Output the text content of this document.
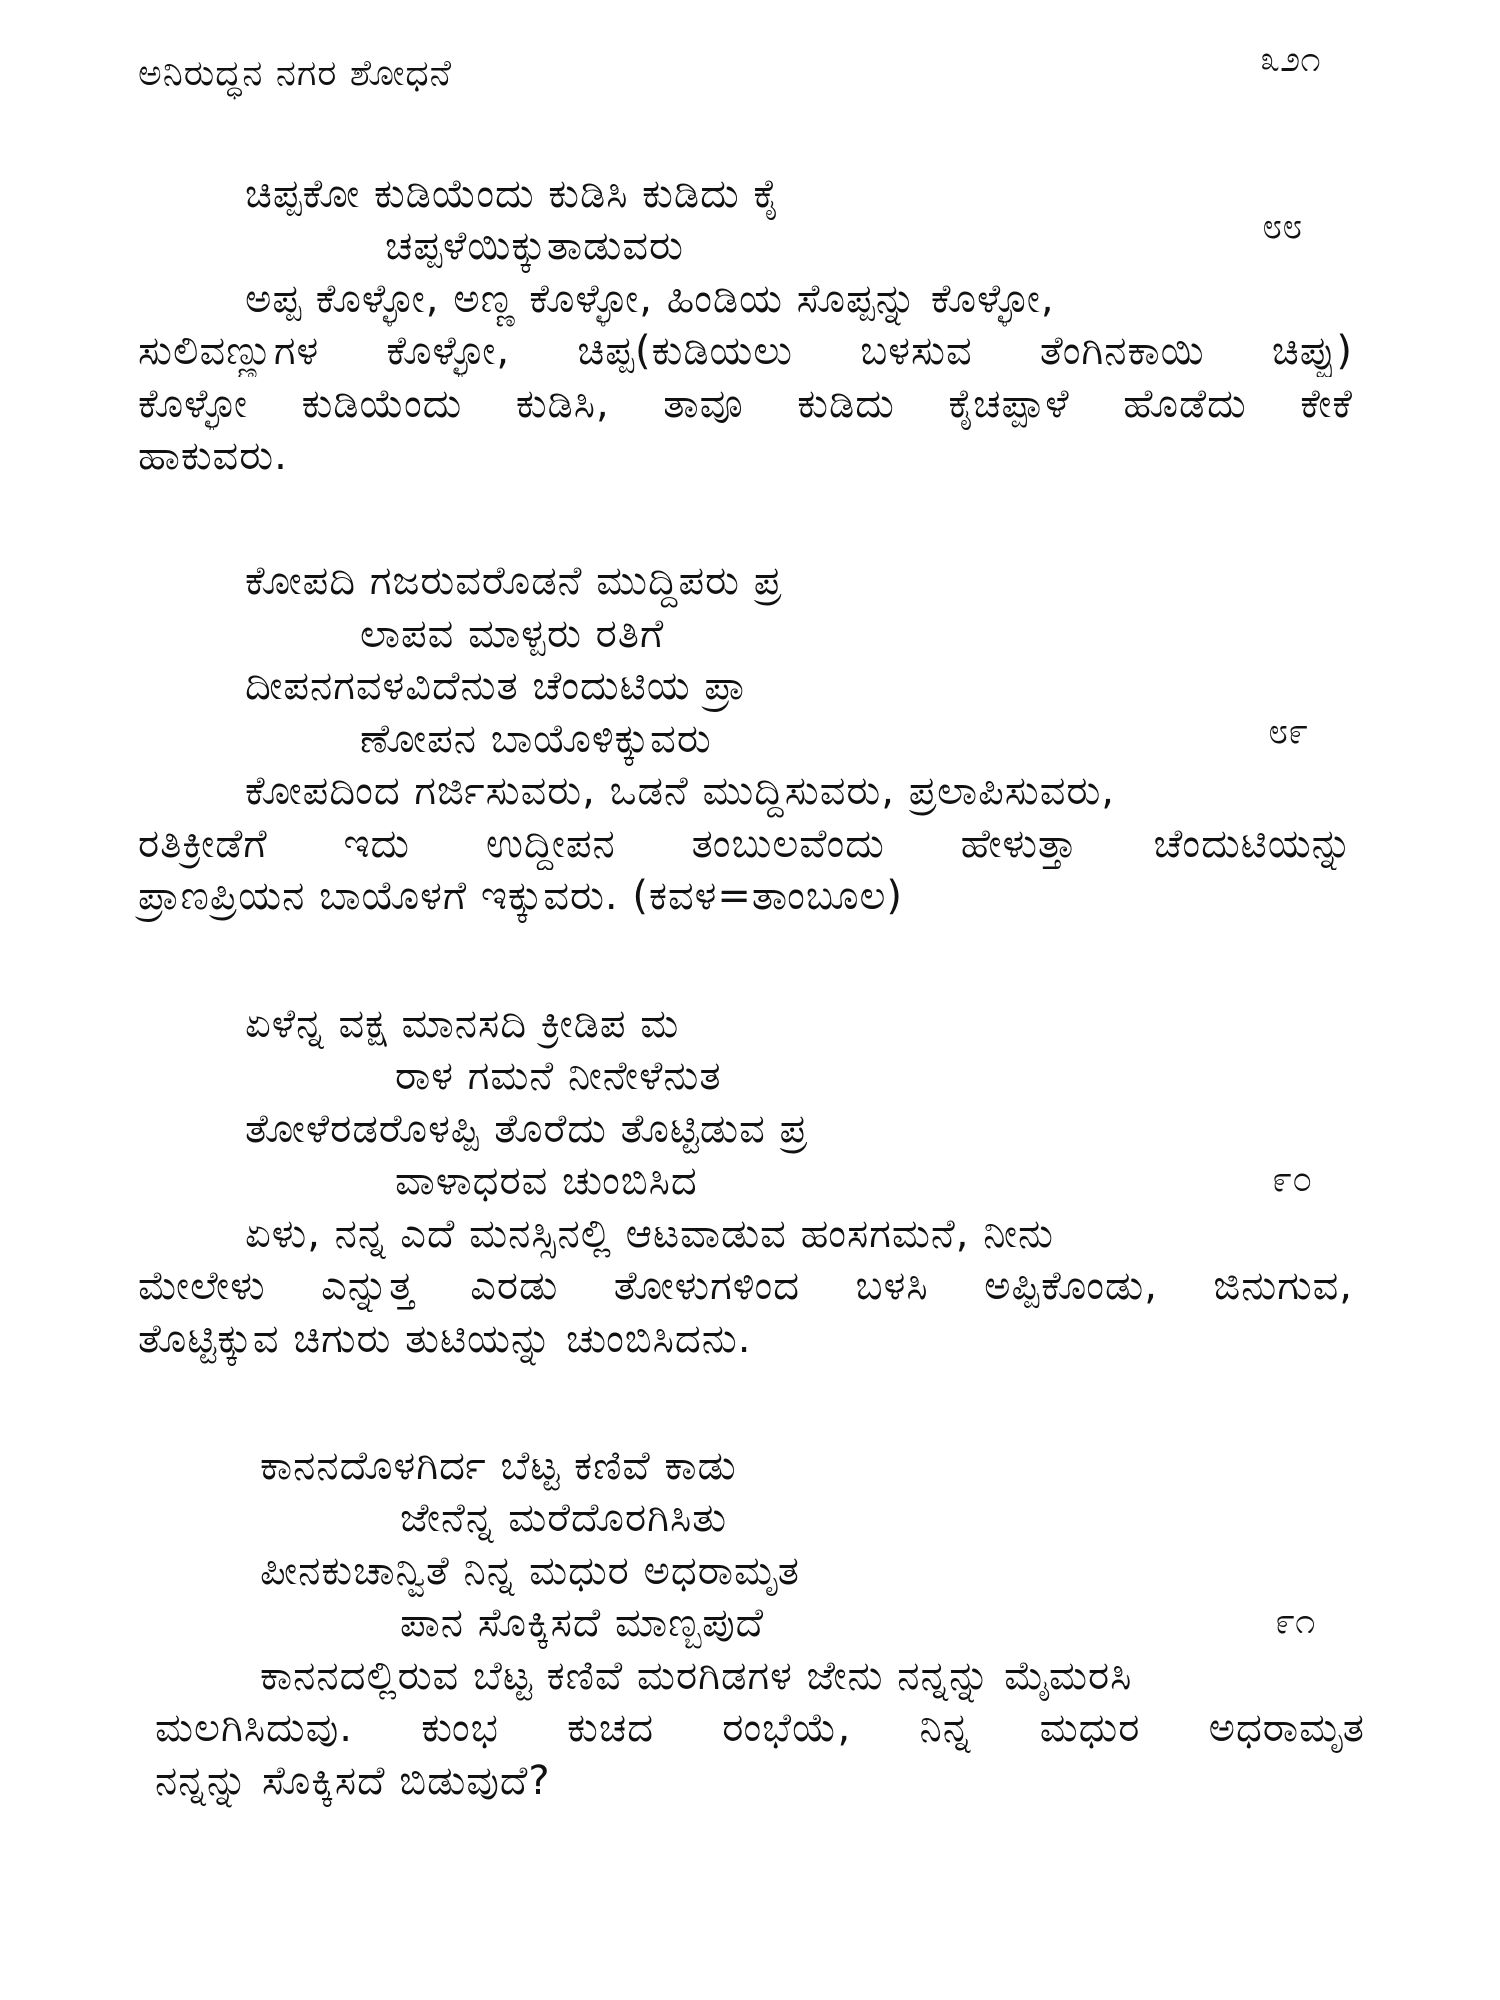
ಅನಿರುದ್ಧನ ನಗರ ಶೋಧನೆ	೩೨೧
ಚಿಪ್ಪಕೋ ಕುಡಿಯೆಂದು ಕುಡಿಸಿ ಕುಡಿದು ಕೈ
ಚಪ್ಪಳೆಯಿಕ್ಕುತಾಡುವರು	೮೮
ಅಪ್ಪ ಕೊಳ್ಳೋ, ಅಣ್ಣ ಕೊಳ್ಳೋ, ಹಿಂಡಿಯ ಸೊಪ್ಪನ್ನು ಕೊಳ್ಳೋ,
ಸುಲಿವಣ್ಣುಗಳ ಕೊಳ್ಳೋ, ಚಿಪ್ಪ(ಕುಡಿಯಲು ಬಳಸುವ ತೆಂಗಿನಕಾಯಿ ಚಿಪ್ಪು)
ಕೊಳ್ಳೋ ಕುಡಿಯೆಂದು ಕುಡಿಸಿ, ತಾವೂ ಕುಡಿದು ಕೈಚಪ್ಪಾಳೆ ಹೊಡೆದು ಕೇಕೆ
ಹಾಕುವರು.
ಕೋಪದಿ ಗಜರುವರೊಡನೆ ಮುದ್ದಿಪರು ಪ್ರ
ಲಾಪವ ಮಾಳ್ಪರು ರತಿಗೆ
ದೀಪನಗವಳವಿದೆನುತ ಚೆಂದುಟಿಯ ಪ್ರಾ
ಣೋಪನ ಬಾಯೊಳಿಕ್ಕುವರು	೮೯
ಕೋಪದಿಂದ ಗರ್ಜಿಸುವರು, ಒಡನೆ ಮುದ್ದಿಸುವರು, ಪ್ರಲಾಪಿಸುವರು,
ರತಿಕ್ರೀಡೆಗೆ ಇದು ಉದ್ದೀಪನ ತಂಬುಲವೆಂದು ಹೇಳುತ್ತಾ ಚೆಂದುಟಿಯನ್ನು
ಪ್ರಾಣಪ್ರಿಯನ ಬಾಯೊಳಗೆ ಇಕ್ಕುವರು. (ಕವಳ=ತಾಂಬೂಲ)
ಏಳೆನ್ನ ವಕ್ಷ ಮಾನಸದಿ ಕ್ರೀಡಿಪ ಮ
ರಾಳ ಗಮನೆ ನೀನೇಳೆನುತ
ತೋಳೆರಡರೊಳಪ್ಪಿ ತೊರೆದು ತೊಟ್ಟಿಡುವ ಪ್ರ
ವಾಳಾಧರವ ಚುಂಬಿಸಿದ	೯೦
ಏಳು, ನನ್ನ ಎದೆ ಮನಸ್ಸಿನಲ್ಲಿ ಆಟವಾಡುವ ಹಂಸಗಮನೆ, ನೀನು
ಮೇಲೇಳು ಎನ್ನುತ್ತ ಎರಡು ತೋಳುಗಳಿಂದ ಬಳಸಿ ಅಪ್ಪಿಕೊಂಡು, ಜಿನುಗುವ,
ತೊಟ್ಟಿಕ್ಕುವ ಚಿಗುರು ತುಟಿಯನ್ನು ಚುಂಬಿಸಿದನು.
ಕಾನನದೊಳಗಿರ್ದ ಬೆಟ್ಟ ಕಣಿವೆ ಕಾಡು
ಜೇನೆನ್ನ ಮರೆದೊರಗಿಸಿತು
ಪೀನಕುಚಾನ್ವಿತೆ ನಿನ್ನ ಮಧುರ ಅಧರಾಮೃತ
ಪಾನ ಸೊಕ್ಕಿಸದೆ ಮಾಣ್ಬಪುದೆ	೯೧
ಕಾನನದಲ್ಲಿರುವ ಬೆಟ್ಟ ಕಣಿವೆ ಮರಗಿಡಗಳ ಜೇನು ನನ್ನನ್ನು ಮೈಮರಸಿ
ಮಲಗಿಸಿದುವು. ಕುಂಭ ಕುಚದ ರಂಭೆಯೆ, ನಿನ್ನ ಮಧುರ ಅಧರಾಮೃತ
ನನ್ನನ್ನು ಸೊಕ್ಕಿಸದೆ ಬಿಡುವುದೆ?
